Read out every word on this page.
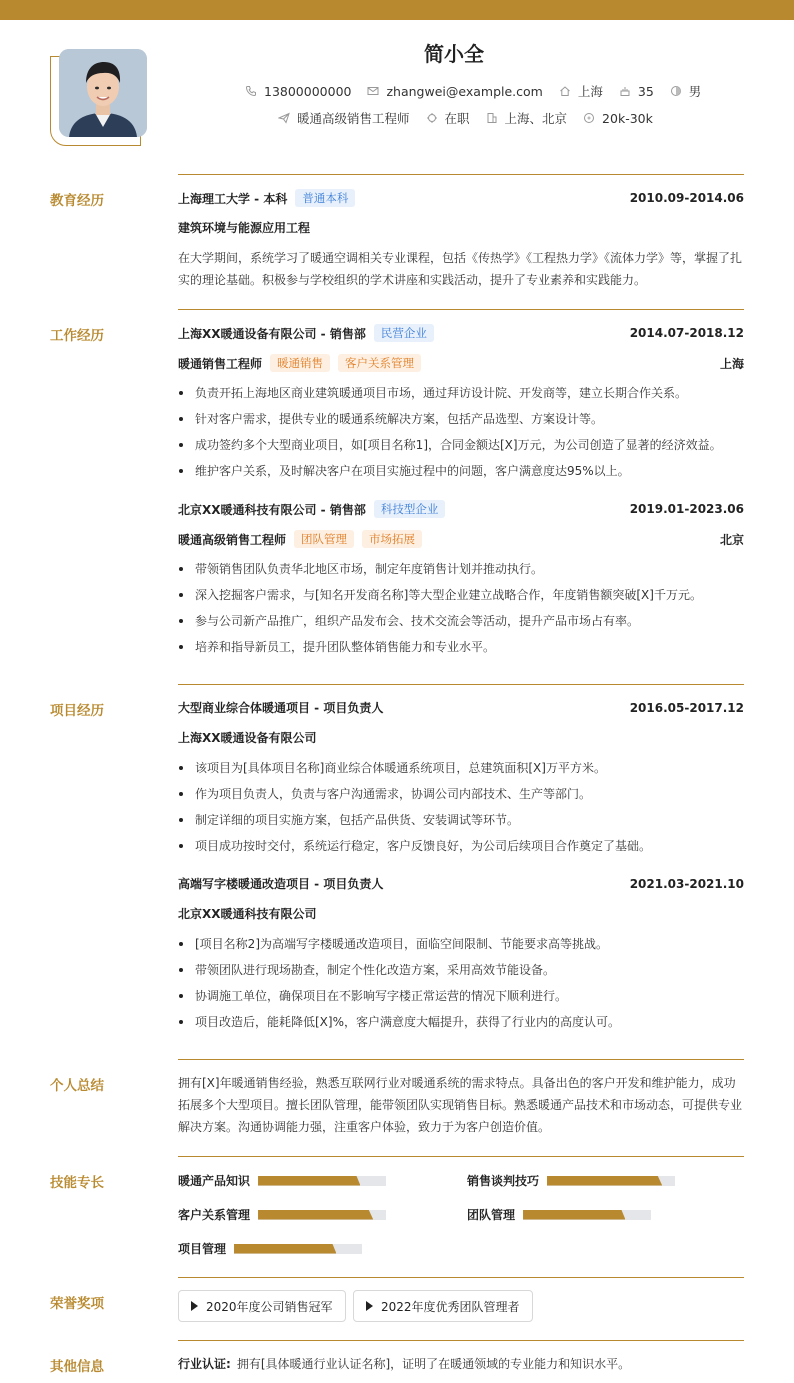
简小全
13800000000	zhangwei@example.com	上海	35	男
暖通高级销售工程师	在职	上海、北京	20k-30k
教育经历	上海理工大学 - 本科	普通本科	2010.09-2014.06
建筑环境与能源应用工程
在大学期间，系统学习了暖通空调相关专业课程，包括《传热学》《工程热力学》《流体力学》等，掌握了扎实的理论基础。积极参与学校组织的学术讲座和实践活动，提升了专业素养和实践能力。
工作经历	上海XX暖通设备有限公司 - 销售部	民营企业	2014.07-2018.12
暖通销售工程师	暖通销售	客户关系管理	上海
负责开拓上海地区商业建筑暖通项目市场，通过拜访设计院、开发商等，建立长期合作关系。
针对客户需求，提供专业的暖通系统解决方案，包括产品选型、方案设计等。
成功签约多个大型商业项目，如[项目名称1]，合同金额达[X]万元，为公司创造了显著的经济效益。
维护客户关系，及时解决客户在项目实施过程中的问题，客户满意度达95%以上。
北京XX暖通科技有限公司 - 销售部	科技型企业	2019.01-2023.06
暖通高级销售工程师	团队管理	市场拓展	北京
带领销售团队负责华北地区市场，制定年度销售计划并推动执行。
深入挖掘客户需求，与[知名开发商名称]等大型企业建立战略合作，年度销售额突破[X]千万元。
参与公司新产品推广，组织产品发布会、技术交流会等活动，提升产品市场占有率。
培养和指导新员工，提升团队整体销售能力和专业水平。
项目经历	大型商业综合体暖通项目 - 项目负责人	2016.05-2017.12
上海XX暖通设备有限公司
该项目为[具体项目名称]商业综合体暖通系统项目，总建筑面积[X]万平方米。
作为项目负责人，负责与客户沟通需求，协调公司内部技术、生产等部门。
制定详细的项目实施方案，包括产品供货、安装调试等环节。
项目成功按时交付，系统运行稳定，客户反馈良好，为公司后续项目合作奠定了基础。
高端写字楼暖通改造项目 - 项目负责人	2021.03-2021.10
北京XX暖通科技有限公司
[项目名称2]为高端写字楼暖通改造项目，面临空间限制、节能要求高等挑战。
带领团队进行现场勘查，制定个性化改造方案，采用高效节能设备。
协调施工单位，确保项目在不影响写字楼正常运营的情况下顺利进行。
项目改造后，能耗降低[X]%，客户满意度大幅提升，获得了行业内的高度认可。
个人总结	拥有[X]年暖通销售经验，熟悉互联网行业对暖通系统的需求特点。具备出色的客户开发和维护能力，成功拓展多个大型项目。擅长团队管理，能带领团队实现销售目标。熟悉暖通产品技术和市场动态，可提供专业解决方案。沟通协调能力强，注重客户体验，致力于为客户创造价值。
技能专长	暖通产品知识	销售谈判技巧
客户关系管理	团队管理
项目管理
荣誉奖项	2020年度公司销售冠军	2022年度优秀团队管理者
其他信息	行业认证: 拥有[具体暖通行业认证名称]，证明了在暖通领域的专业能力和知识水平。
